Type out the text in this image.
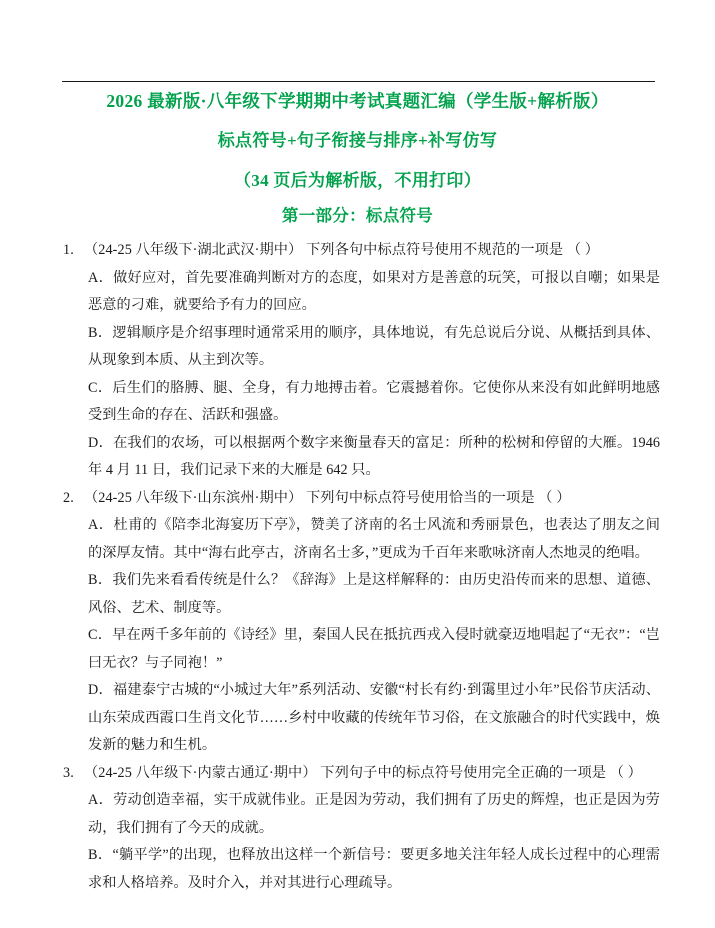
2026 最新版·八年级下学期期中考试真题汇编（学生版+解析版）
标点符号+句子衔接与排序+补写仿写
（34 页后为解析版，不用打印）
第一部分：标点符号
1. （24-25 八年级下·湖北武汉·期中） 下列各句中标点符号使用不规范的一项是 （ ）
A．做好应对，首先要准确判断对方的态度，如果对方是善意的玩笑，可报以自嘲；如果是恶意的刁难，就要给予有力的回应。
B．逻辑顺序是介绍事理时通常采用的顺序，具体地说，有先总说后分说、从概括到具体、从现象到本质、从主到次等。
C．后生们的胳膊、腿、全身，有力地搏击着。它震撼着你。它使你从来没有如此鲜明地感受到生命的存在、活跃和强盛。
D．在我们的农场，可以根据两个数字来衡量春天的富足：所种的松树和停留的大雁。1946 年 4 月 11 日，我们记录下来的大雁是 642 只。
2. （24-25 八年级下·山东滨州·期中） 下列句中标点符号使用恰当的一项是 （ ）
A．杜甫的《陪李北海宴历下亭》，赞美了济南的名士风流和秀丽景色，也表达了朋友之间的深厚友情。其中“海右此亭古，济南名士多，”更成为千百年来歌咏济南人杰地灵的绝唱。
B．我们先来看看传统是什么？《辞海》上是这样解释的：由历史沿传而来的思想、道德、风俗、艺术、制度等。
C．早在两千多年前的《诗经》里，秦国人民在抵抗西戎入侵时就豪迈地唱起了“无衣”：“岂曰无衣？与子同袍！”
D．福建泰宁古城的“小城过大年”系列活动、安徽“村长有约·到霭里过小年”民俗节庆活动、山东荣成西霞口生肖文化节……乡村中收藏的传统年节习俗，在文旅融合的时代实践中，焕发新的魅力和生机。
3. （24-25 八年级下·内蒙古通辽·期中） 下列句子中的标点符号使用完全正确的一项是 （ ）
A．劳动创造幸福，实干成就伟业。正是因为劳动，我们拥有了历史的辉煌，也正是因为劳动，我们拥有了今天的成就。
B．“躺平学”的出现，也释放出这样一个新信号：要更多地关注年轻人成长过程中的心理需求和人格培养。及时介入，并对其进行心理疏导。
